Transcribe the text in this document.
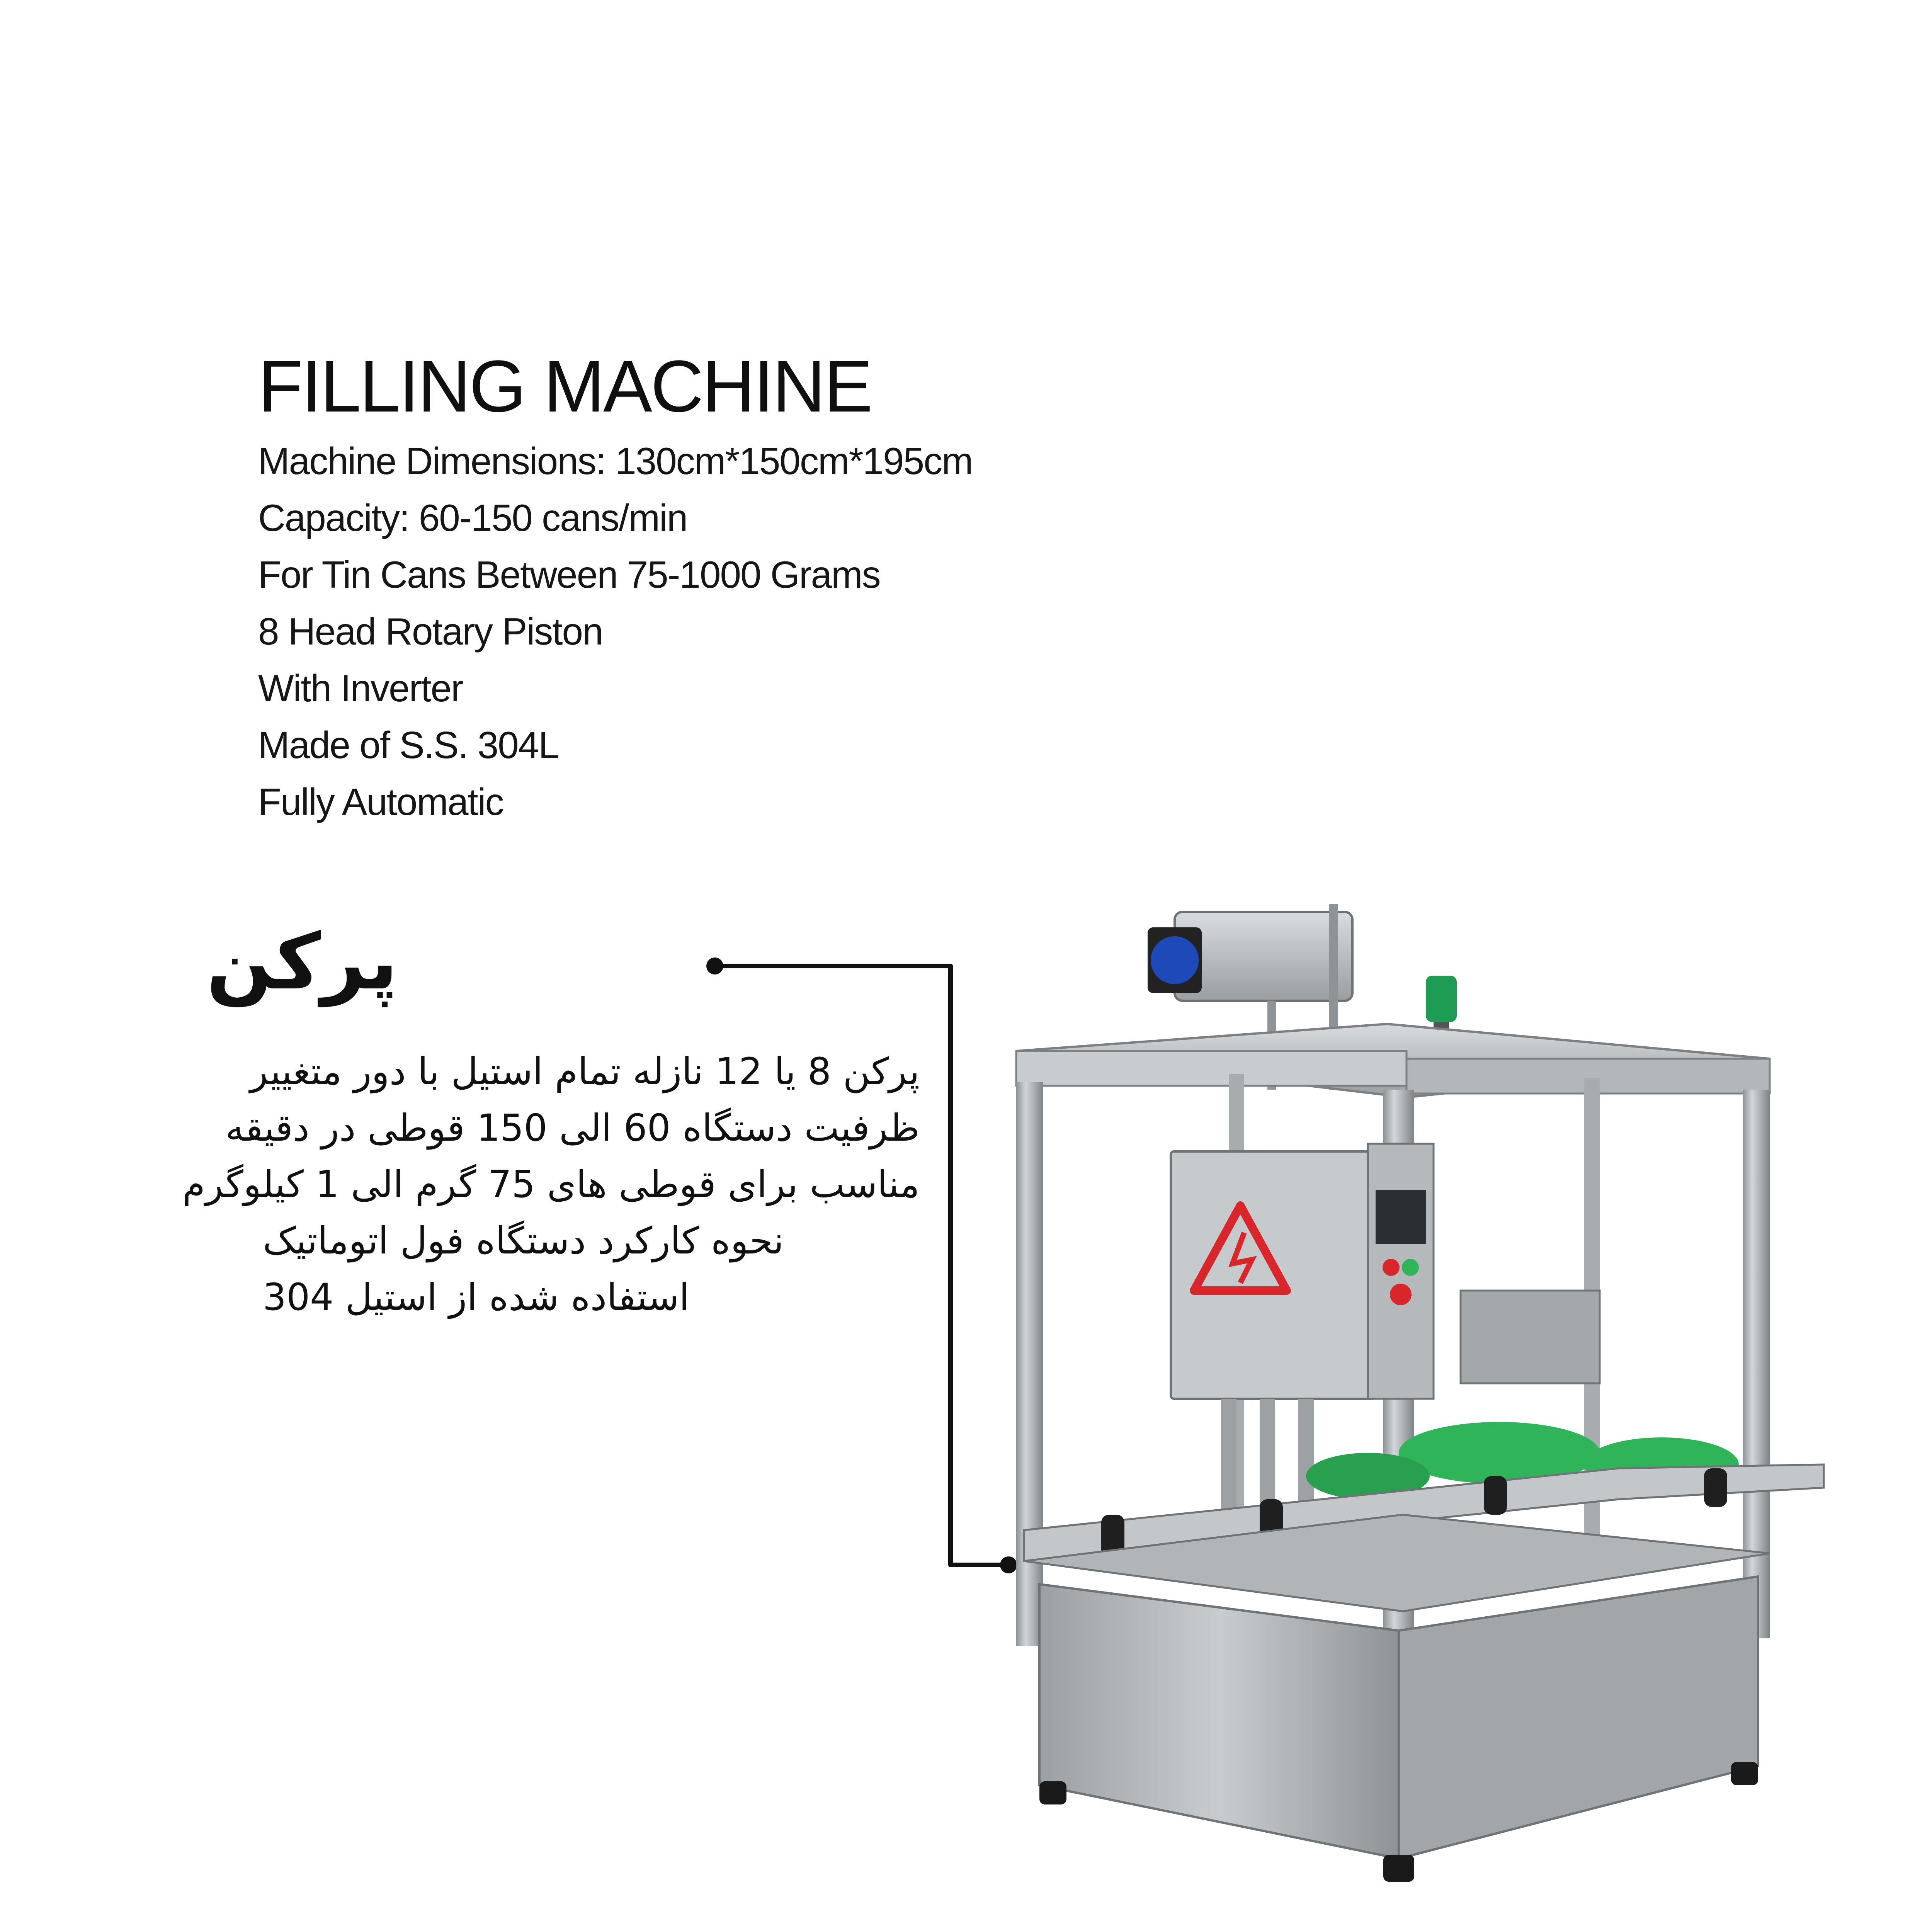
FILLING MACHINE
Machine Dimensions: 130cm*150cm*195cm
Capacity: 60-150 cans/min
For Tin Cans Between 75-1000 Grams
8 Head Rotary Piston
With Inverter
Made of S.S. 304L
Fully Automatic
پرکن
پرکن 8 یا 12 نازله تمام استیل با دور متغییر
ظرفیت دستگاه 60 الی 150 قوطی در دقیقه
مناسب برای قوطی های 75 گرم الی 1 کیلوگرم
نحوه کارکرد دستگاه فول اتوماتیک
استفاده شده از استیل 304
